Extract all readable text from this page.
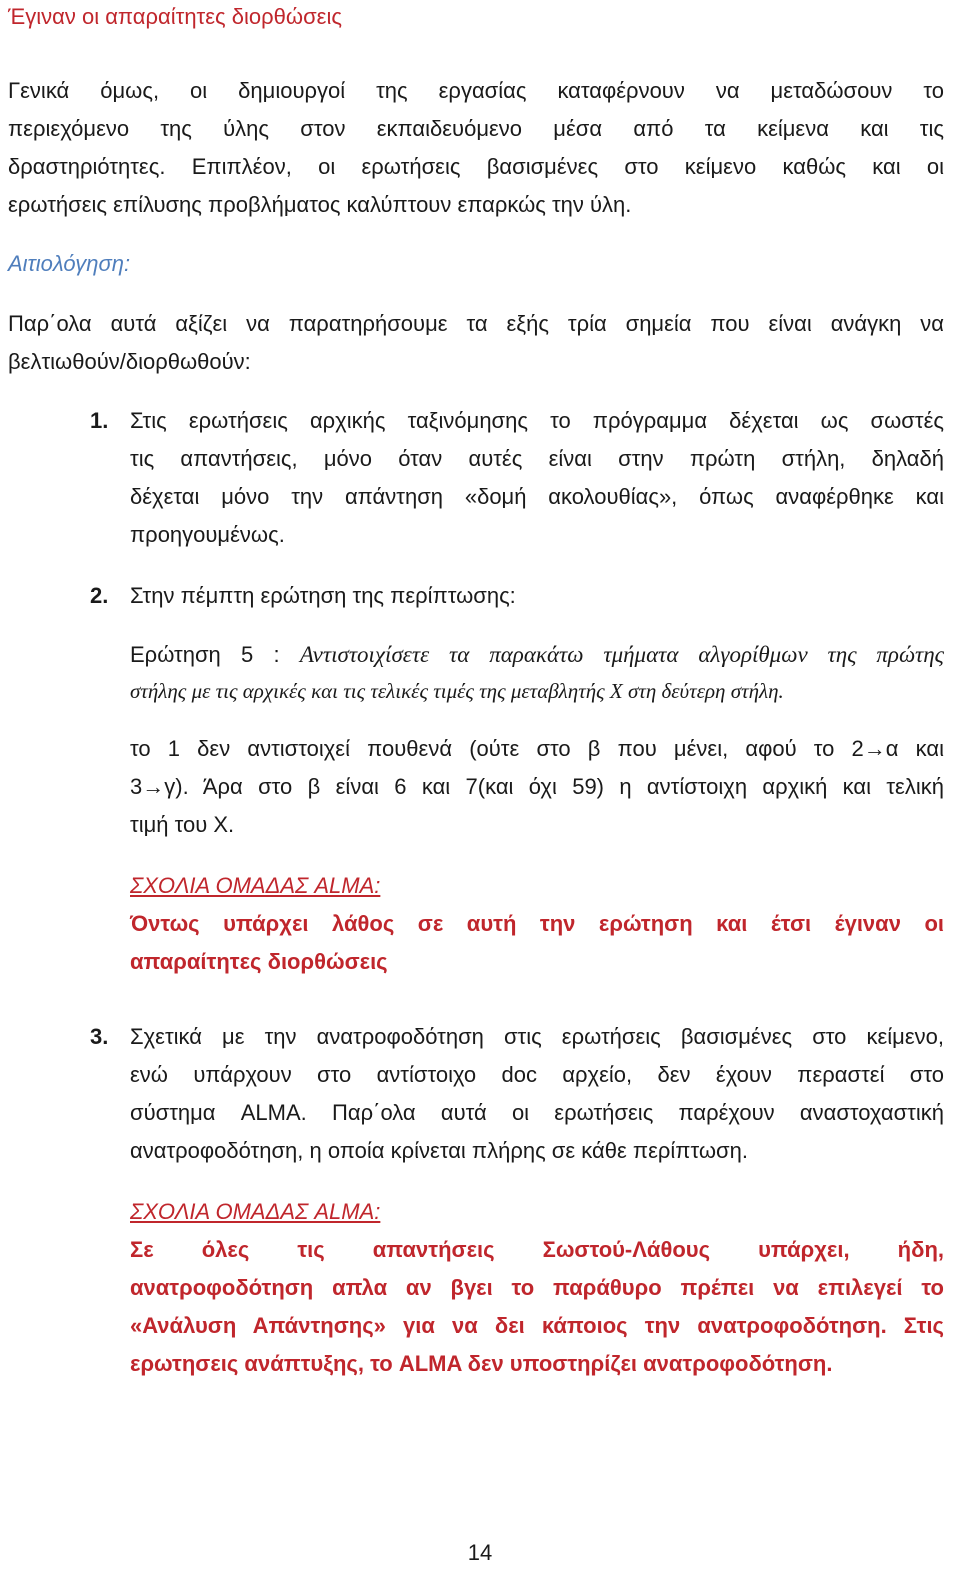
Έγιναν οι απαραίτητες διορθώσεις
Γενικά όμως, οι δημιουργοί της εργασίας καταφέρνουν να μεταδώσουν το
περιεχόμενο της ύλης στον εκπαιδευόμενο μέσα από τα κείμενα και τις
δραστηριότητες. Επιπλέον, οι ερωτήσεις βασισμένες στο κείμενο καθώς και οι
ερωτήσεις επίλυσης προβλήματος καλύπτουν επαρκώς την ύλη.
Αιτιολόγηση:
Παρ΄ολα αυτά αξίζει να παρατηρήσουμε τα εξής τρία σημεία που είναι ανάγκη να
βελτιωθούν/διορθωθούν:
1. Στις ερωτήσεις αρχικής ταξινόμησης το πρόγραμμα δέχεται ως σωστές
τις απαντήσεις, μόνο όταν αυτές είναι στην πρώτη στήλη, δηλαδή
δέχεται μόνο την απάντηση «δομή ακολουθίας», όπως αναφέρθηκε και
προηγουμένως.
2. Στην πέμπτη ερώτηση της περίπτωσης:
Ερώτηση 5 : Αντιστοιχίσετε τα παρακάτω τμήματα αλγορίθμων της πρώτης
στήλης με τις αρχικές και τις τελικές τιμές της μεταβλητής Χ στη δεύτερη στήλη.
το 1 δεν αντιστοιχεί πουθενά (ούτε στο β που μένει, αφού το 2→α και
3→γ). Άρα στο β είναι 6 και 7(και όχι 59) η αντίστοιχη αρχική και τελική
τιμή του Χ.
ΣΧΟΛΙΑ ΟΜΑΔΑΣ ALMA:
Όντως υπάρχει λάθος σε αυτή την ερώτηση και έτσι έγιναν οι
απαραίτητες διορθώσεις
3. Σχετικά με την ανατροφοδότηση στις ερωτήσεις βασισμένες στο κείμενο,
ενώ υπάρχουν στο αντίστοιχο doc αρχείο, δεν έχουν περαστεί στο
σύστημα ALMA. Παρ΄ολα αυτά οι ερωτήσεις παρέχουν αναστοχαστική
ανατροφοδότηση, η οποία κρίνεται πλήρης σε κάθε περίπτωση.
ΣΧΟΛΙΑ ΟΜΑΔΑΣ ALMA:
Σε όλες τις απαντήσεις Σωστού-Λάθους υπάρχει, ήδη,
ανατροφοδότηση απλα αν βγει το παράθυρο πρέπει να επιλεγεί το
«Ανάλυση Απάντησης» για να δει κάποιος την ανατροφοδότηση. Στις
ερωτησεις ανάπτυξης, το ALMA δεν υποστηρίζει ανατροφοδότηση.
14
